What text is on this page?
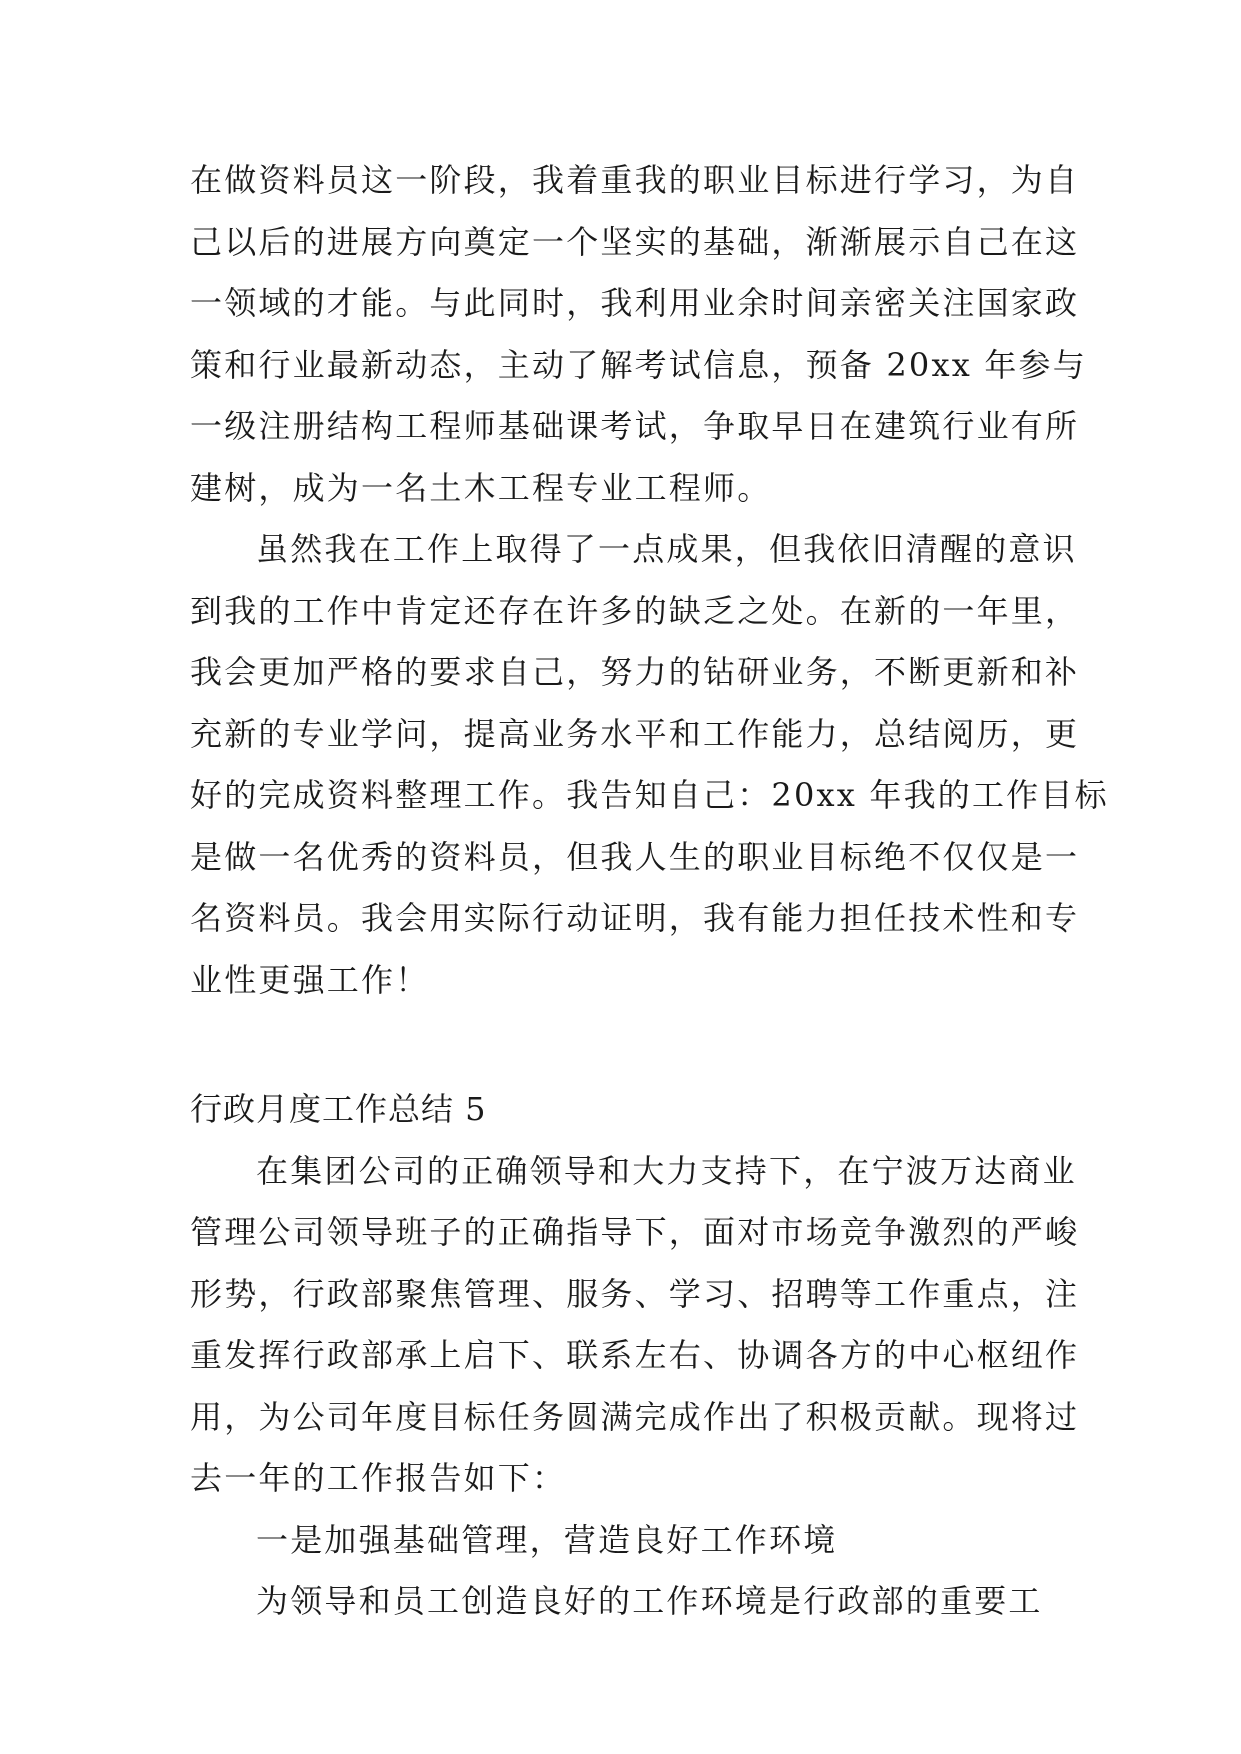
在做资料员这一阶段，我着重我的职业目标进行学习，为自
己以后的进展方向奠定一个坚实的基础，渐渐展示自己在这
一领域的才能。与此同时，我利用业余时间亲密关注国家政
策和行业最新动态，主动了解考试信息，预备 20xx 年参与
一级注册结构工程师基础课考试，争取早日在建筑行业有所
建树，成为一名土木工程专业工程师。
虽然我在工作上取得了一点成果，但我依旧清醒的意识
到我的工作中肯定还存在许多的缺乏之处。在新的一年里，
我会更加严格的要求自己，努力的钻研业务，不断更新和补
充新的专业学问，提高业务水平和工作能力，总结阅历，更
好的完成资料整理工作。我告知自己：20xx 年我的工作目标
是做一名优秀的资料员，但我人生的职业目标绝不仅仅是一
名资料员。我会用实际行动证明，我有能力担任技术性和专
业性更强工作！
行政月度工作总结 5
在集团公司的正确领导和大力支持下，在宁波万达商业
管理公司领导班子的正确指导下，面对市场竞争激烈的严峻
形势，行政部聚焦管理、服务、学习、招聘等工作重点，注
重发挥行政部承上启下、联系左右、协调各方的中心枢纽作
用，为公司年度目标任务圆满完成作出了积极贡献。现将过
去一年的工作报告如下：
一是加强基础管理，营造良好工作环境
为领导和员工创造良好的工作环境是行政部的重要工
